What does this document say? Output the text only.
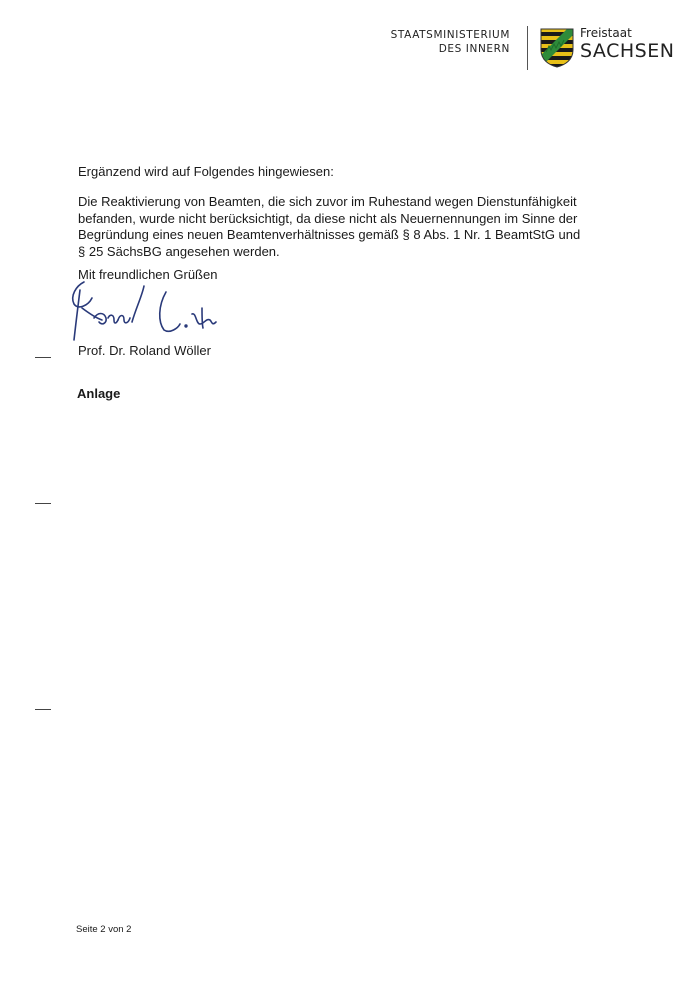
STAATSMINISTERIUM
DES INNERN
Freistaat
SACHSEN
Ergänzend wird auf Folgendes hingewiesen:
Die Reaktivierung von Beamten, die sich zuvor im Ruhestand wegen Dienstunfähigkeit befanden, wurde nicht berücksichtigt, da diese nicht als Neuernennungen im Sinne der Begründung eines neuen Beamtenverhältnisses gemäß § 8 Abs. 1 Nr. 1 BeamtStG und § 25 SächsBG angesehen werden.
Mit freundlichen Grüßen
Prof. Dr. Roland Wöller
Anlage
Seite 2 von 2
